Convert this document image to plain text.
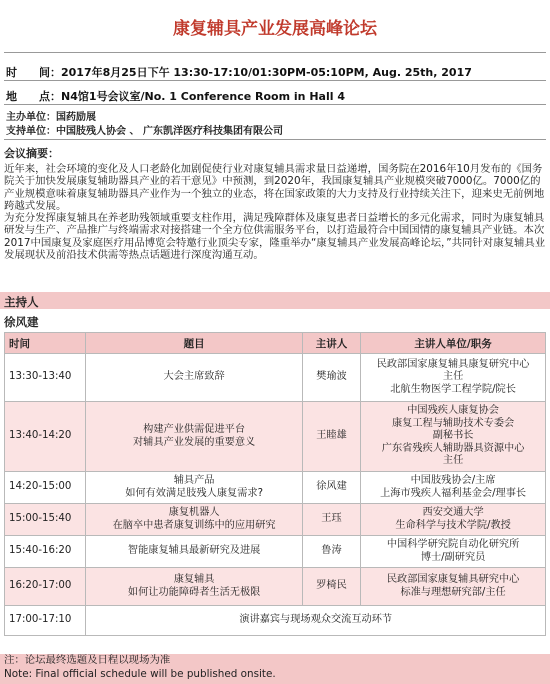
康复辅具产业发展高峰论坛
时　　间：2017年8月25日下午 13:30-17:10/01:30PM-05:10PM, Aug. 25th, 2017
地　　点：N4馆1号会议室/No. 1 Conference Room in Hall 4
主办单位：国药励展
支持单位：中国肢残人协会 、 广东凯洋医疗科技集团有限公司
会议摘要：

近年来，社会环境的变化及人口老龄化加剧促使行业对康复辅具需求量日益递增，国务院在2016年10月发布的《国务院关于加快发展康复辅助器具产业的若干意见》中预测，到2020年，我国康复辅具产业规模突破7000亿。7000亿的产业规模意味着康复辅助器具产业作为一个独立的业态，将在国家政策的大力支持及行业持续关注下，迎来史无前例地跨越式发展。

为充分发挥康复辅具在养老助残领域重要支柱作用，满足残障群体及康复患者日益增长的多元化需求，同时为康复辅具研发与生产、产品推广与终端需求对接搭建一个全方位供需服务平台，以打造最符合中国国情的康复辅具产业链。本次2017中国康复及家庭医疗用品博览会特邀行业顶尖专家，隆重举办“康复辅具产业发展高峰论坛，”共同针对康复辅具业发展现状及前沿技术供需等热点话题进行深度沟通互动。

主持人
徐风建
时间	题目	主讲人	主讲人单位/职务
13:30-13:40	大会主席致辞	樊瑜波	民政部国家康复辅具康复研究中心
主任
北航生物医学工程学院/院长

13:40-14:20	构建产业供需促进平台
对辅具产业发展的重要意义	王睦雄	中国残疾人康复协会
康复工程与辅助技术专委会
副秘书长
广东省残疾人辅助器具资源中心
主任

14:20-15:00	辅具产品
如何有效满足肢残人康复需求?	徐风建	中国肢残协会/主席
上海市残疾人福利基金会/理事长

15:00-15:40	康复机器人
在脑卒中患者康复训练中的应用研究	王珏	西安交通大学
生命科学与技术学院/教授

15:40-16:20	智能康复辅具最新研究及进展	鲁涛	中国科学研究院自动化研究所
博士/副研究员

16:20-17:00	康复辅具
如何让功能障碍者生活无极限	罗椅民	民政部国家康复辅具研究中心
标准与理想研究部/主任

17:00-17:10	演讲嘉宾与现场观众交流互动环节		
注：论坛最终选题及日程以现场为准
Note: Final official schedule will be published onsite.
